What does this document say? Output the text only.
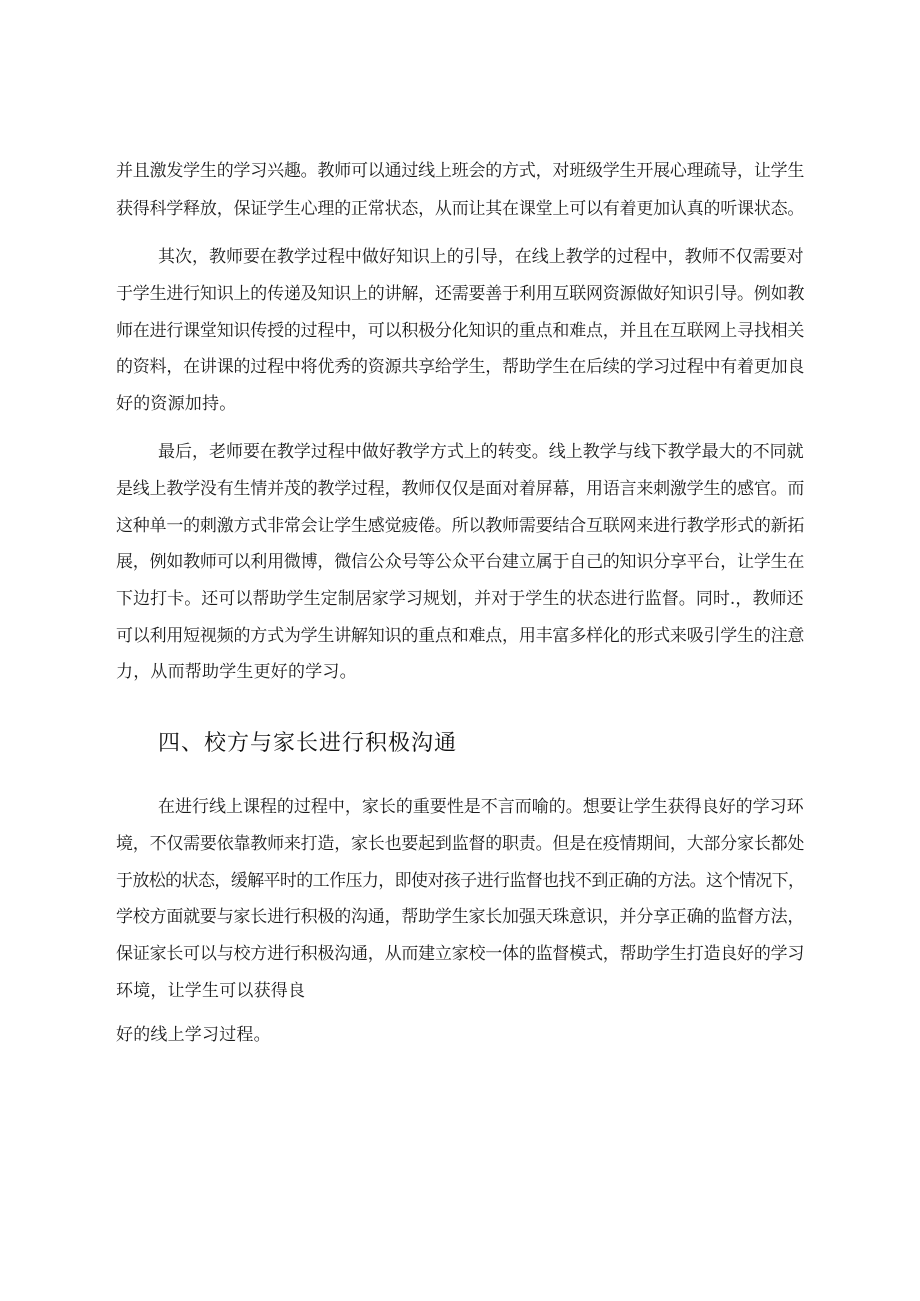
并且激发学生的学习兴趣。教师可以通过线上班会的方式，对班级学生开展心理疏导，让学生
获得科学释放，保证学生心理的正常状态，从而让其在课堂上可以有着更加认真的听课状态。
其次，教师要在教学过程中做好知识上的引导，在线上教学的过程中，教师不仅需要对
于学生进行知识上的传递及知识上的讲解，还需要善于利用互联网资源做好知识引导。例如教
师在进行课堂知识传授的过程中，可以积极分化知识的重点和难点，并且在互联网上寻找相关
的资料，在讲课的过程中将优秀的资源共享给学生，帮助学生在后续的学习过程中有着更加良
好的资源加持。
最后，老师要在教学过程中做好教学方式上的转变。线上教学与线下教学最大的不同就
是线上教学没有生情并茂的教学过程，教师仅仅是面对着屏幕，用语言来刺激学生的感官。而
这种单一的刺激方式非常会让学生感觉疲倦。所以教师需要结合互联网来进行教学形式的新拓
展，例如教师可以利用微博，微信公众号等公众平台建立属于自己的知识分享平台，让学生在
下边打卡。还可以帮助学生定制居家学习规划，并对于学生的状态进行监督。同时.，教师还
可以利用短视频的方式为学生讲解知识的重点和难点，用丰富多样化的形式来吸引学生的注意
力，从而帮助学生更好的学习。
四、校方与家长进行积极沟通
在进行线上课程的过程中，家长的重要性是不言而喻的。想要让学生获得良好的学习环
境，不仅需要依靠教师来打造，家长也要起到监督的职责。但是在疫情期间，大部分家长都处
于放松的状态，缓解平时的工作压力，即使对孩子进行监督也找不到正确的方法。这个情况下，
学校方面就要与家长进行积极的沟通，帮助学生家长加强天珠意识，并分享正确的监督方法，
保证家长可以与校方进行积极沟通，从而建立家校一体的监督模式，帮助学生打造良好的学习
环境，让学生可以获得良
好的线上学习过程。
